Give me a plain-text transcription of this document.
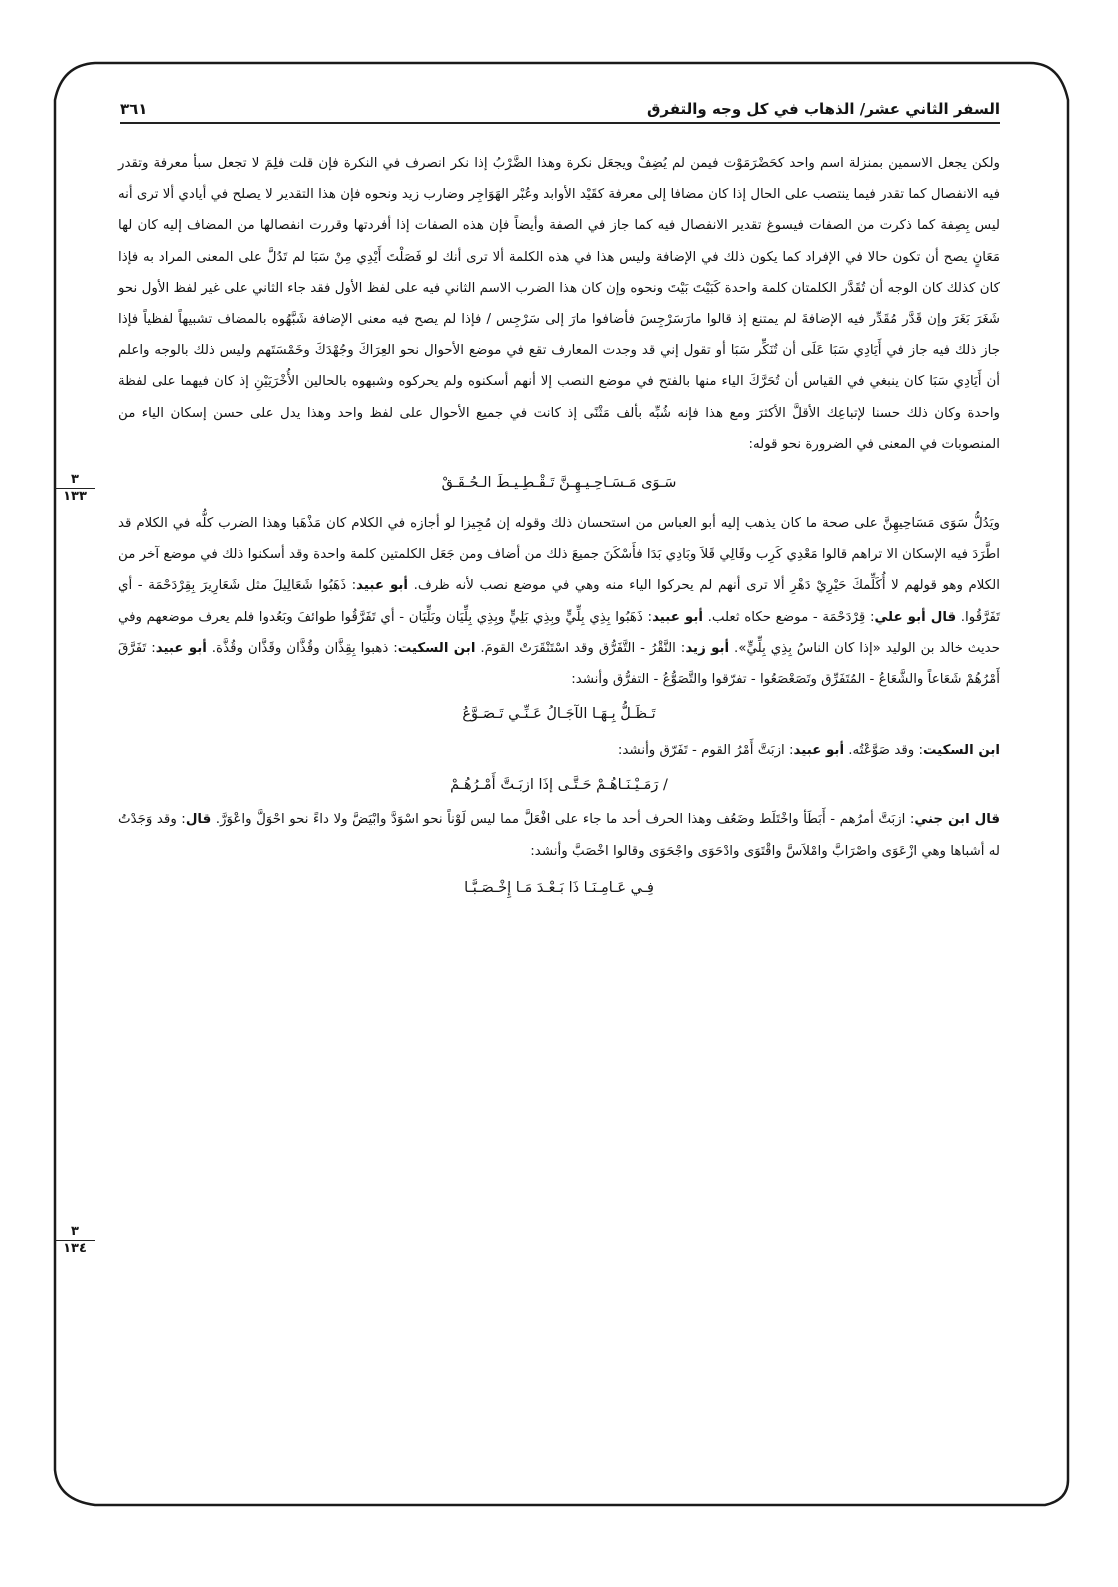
السفر الثاني عشر/ الذهاب في كل وجه والتفرق
٣٦١
٣
١٣٣
٣
١٣٤

ولكن يجعل الاسمين بمنزلة اسم واحد كحَضْرَمَوْت فيمن لم يُضِفْ ويجعَل نكرة وهذا الضَّرْبُ إذا نكر انصرف في النكرة فإن قلت فلِمَ لا تجعل سبأ معرفة وتقدر فيه الانفصال كما تقدر فيما ينتصب على الحال إذا كان مضافا إلى معرفة كقَيْد الأوابد وعُبْر الهَوَاجِر وضارب زيد ونحوه فإن هذا التقدير لا يصلح في أيادي ألا ترى أنه ليس بِصِفة كما ذكرت من الصفات فيسوغ تقدير الانفصال فيه كما جاز في الصفة وأيضاً فإن هذه الصفات إذا أفردتها وقررت انفصالها من المضاف إليه كان لها مَعَانٍ يصح أن تكون حالا في الإفراد كما يكون ذلك في الإضافة وليس هذا في هذه الكلمة ألا ترى أنك لو فَصَلْتَ أَيْدِي مِنْ سَبَا لم تَدُلَّ على المعنى المراد به فإذا كان كذلك كان الوجه أن تُقَدَّر الكلمتان كلمة واحدة كَبَيْتَ بَيْتَ ونحوه وإن كان هذا الضرب الاسم الثاني فيه على لفظ الأول فقد جاء الثاني على غير لفظ الأول نحو شَغَرَ بَغَرَ وإن قَدَّر مُقَدِّر فيه الإضافةَ لم يمتنع إذ قالوا مارَسَرْجِسَ فأضافوا مارَ إلى سَرْجِس / فإذا لم يصح فيه معنى الإضافة شَبَّهُوه بالمضاف تشبيهاً لفظياً فإذا جاز ذلك فيه جاز في أَيَادِي سَبَا عَلَى أن تُنَكِّر سَبَا أو تقول إني قد وجدت المعارف تقع في موضع الأحوال نحو العِرَاكَ وجُهْدَكَ وخَمْسَتَهم وليس ذلك بالوجه واعلم أن أَيَادِي سَبَا كان ينبغي في القياس أن تُحَرَّكَ الياء منها بالفتح في موضع النصب إلا أنهم أسكنوه ولم يحركوه وشبهوه بالحالين الأُخْرَيَيْنِ إذ كان فيهما على لفظة واحدة وكان ذلك حسنا لإتباعِك الأقلَّ الأكثرَ ومع هذا فإنه شُبِّه بألف مَثْنًى إذ كانت في جميع الأحوال على لفظ واحد وهذا يدل على حسن إسكان الياء من المنصوبات في المعنى في الضرورة نحو قوله:

سَـوَى مَـسَـاحِـيـهِـنَّ تَـقْـطِـيـطَ الـحُـقَـقْ

ويَدُلُّ سَوَى مَسَاحِيهِنَّ على صحة ما كان يذهب إليه أبو العباس من استحسان ذلك وقوله إن مُجِيزا لو أجازه في الكلام كان مَذْهَبا وهذا الضرب كلُّه في الكلام قد اطَّرَدَ فيه الإسكان الا تراهم قالوا مَعْدِي كَرِب وقَالِي قَلاَ وبَادِي بَدَا فأَسْكَنَ جميعَ ذلك من أضاف ومن جَعَل الكلمتين كلمة واحدة وقد أسكنوا ذلك في موضع آخر من الكلام وهو قولهم لا أُكَلِّمكَ حَيْرِيْ دَهْرِ ألا ترى أنهم لم يحركوا الياء منه وهي في موضع نصب لأنه ظرف. أبو عبيد: ذَهَبُوا شَعَالِيلَ مثل شَعَارِيرَ بِقِرْدَحْمَة - أي تَفَرَّقُوا. قال أبو علي: قِرْدَحْمَة - موضع حكاه ثعلب. أبو عبيد: ذَهَبُوا بِذِي بِلِّيٍّ وبِذِي بَلِيٍّ وبِذِي بِلِّيَان وبَلِّيَان - أي تَفَرَّقُوا طوائفَ وبَعُدوا فلم يعرف موضعهم وفي حديث خالد بن الوليد «إذا كان الناسُ بِذِي بِلِّيٍّ». أبو زيد: النَّقْرُ - التَّفَرُّق وقد اسْتَنْقَرَتْ القومَ. ابن السكيت: ذهبوا بِقِذَّان وقُذَّان وقَذَّان وقُذَّة. أبو عبيد: تَفَرَّقَ أَمْرُهُمْ شَعَاعاً والشَّعَاعُ - المُتَفَرِّق وتَصَعْصَعُوا - تفرّقوا والتَّصَوُّعُ - التفرُّق وأنشد:

تَـظَـلُّ بِـهَـا الآجَـالُ عَـنِّـي تَـصَـوَّعُ

ابن السكيت: وقد صَوَّعْتُه. أبو عبيد: ازبَتَّ أَمْرُ القوم - تَفَرّق وأنشد:

/ رَمَـيْـنَـاهُـمْ حَـتَّـى إذَا ازبَـتَّ أَمْـرُهُـمْ

قال ابن جني: ازبَتَّ أمرُهم - أَبَطَأ واخْتَلَط وضَعُف وهذا الحرف أحد ما جاء على افْعَلَّ مما ليس لَوْناً نحو اسْوَدَّ وابْيَضَّ ولا داءً نحو احْوَلَّ واعْوَرَّ. قال: وقد وَجَدْتُ له أشباها وهي ازْعَوَى واصْرَابَّ وامْلاَسَّ واقْتَوَى وادْحَوَى واجْحَوَى وقالوا اخْصَبَّ وأنشد:

فِـي عَـامِـنَـا ذَا بَـعْـدَ مَـا إِخْـصَـبَّـا
